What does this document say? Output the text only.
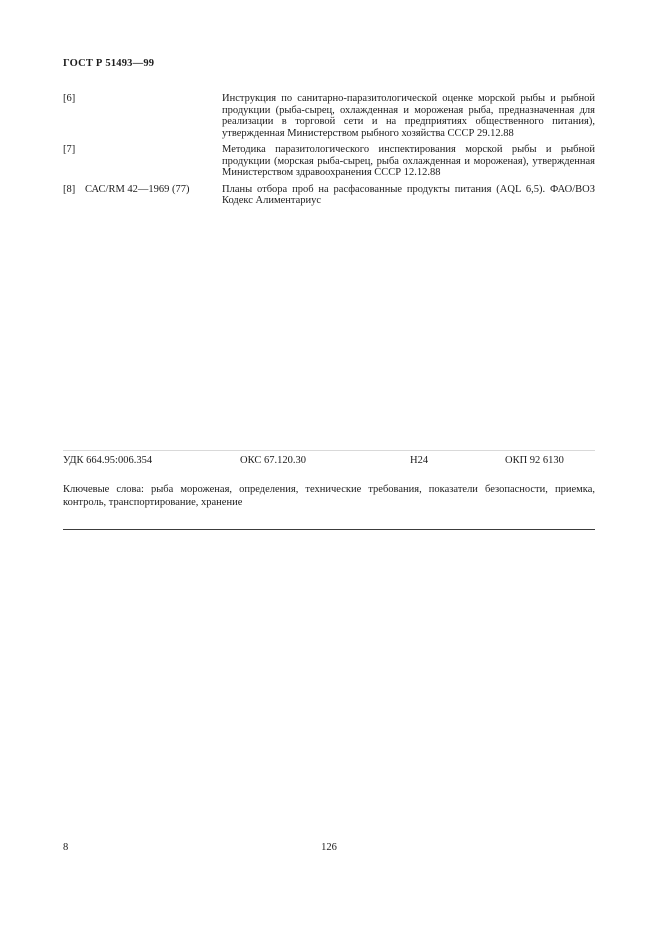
ГОСТ Р 51493—99
[6]	Инструкция по санитарно-паразитологической оценке морской рыбы и рыбной продукции (рыба-сырец, охлажденная и мороженая рыба, предназначенная для реализации в торговой сети и на предприятиях общественного питания), утвержденная Министерством рыбного хозяйства СССР 29.12.88
[7]	Методика паразитологического инспектирования морской рыбы и рыбной продукции (морская рыба-сырец, рыба охлажденная и мороженая), утвержденная Министерством здравоохранения СССР 12.12.88
[8] САС/RM 42—1969 (77)	Планы отбора проб на расфасованные продукты питания (AQL 6,5). ФАО/ВОЗ Кодекс Алиментариус
УДК 664.95:006.354	ОКС 67.120.30	Н24	ОКП 92 6130
Ключевые слова: рыба мороженая, определения, технические требования, показатели безопасности, приемка, контроль, транспортирование, хранение
8	126
